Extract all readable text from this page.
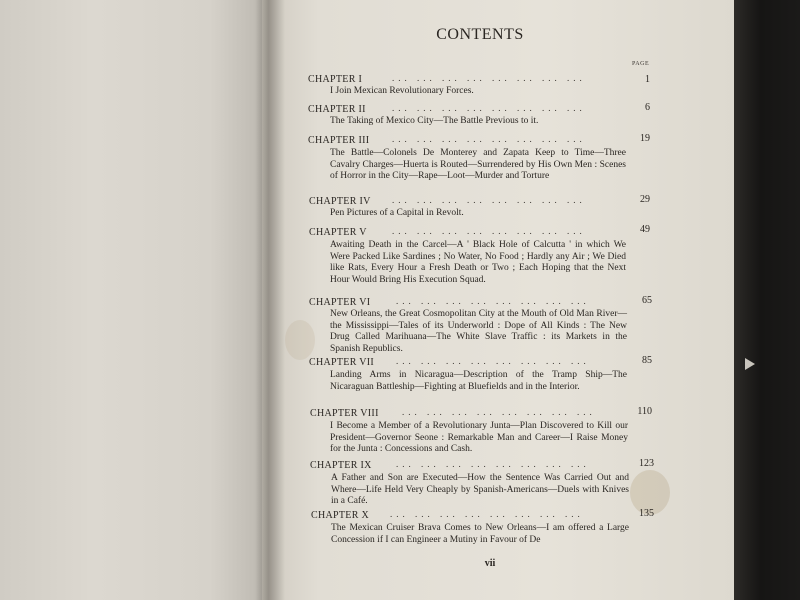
CONTENTS
PAGE
CHAPTER I	... ... ... ... ... ... ... ...	1
I Join Mexican Revolutionary Forces.
CHAPTER II	... ... ... ... ... ... ... ...	6
The Taking of Mexico City—The Battle Previous to it.
CHAPTER III	... ... ... ... ... ... ... ...	19
The Battle—Colonels De Monterey and Zapata Keep to Time—Three Cavalry Charges—Huerta is Routed—Surrendered by His Own Men : Scenes of Horror in the City—Rape—Loot—Murder and Torture
CHAPTER IV ... ... ... ... ... ... ... ...	29
Pen Pictures of a Capital in Revolt.
CHAPTER V	... ... ... ... ... ... ... ...	49
Awaiting Death in the Carcel—A ' Black Hole of Calcutta ' in which We Were Packed Like Sardines ; No Water, No Food ; Hardly any Air ; We Died like Rats, Every Hour a Fresh Death or Two ; Each Hoping that the Next Hour Would Bring His Execution Squad.
CHAPTER VI	... ... ... ... ... ... ... ...	65
New Orleans, the Great Cosmopolitan City at the Mouth of Old Man River—the Mississippi—Tales of its Underworld : Dope of All Kinds : The New Drug Called Marihuana—The White Slave Traffic : its Markets in the Spanish Republics.
CHAPTER VII ... ... ... ... ... ... ... ...	85
Landing Arms in Nicaragua—Description of the Tramp Ship—The Nicaraguan Battleship—Fighting at Bluefields and in the Interior.
CHAPTER VIII	... ... ... ... ... ... ... ...	110
I Become a Member of a Revolutionary Junta—Plan Discovered to Kill our President—Governor Seone : Remarkable Man and Career—I Raise Money for the Junta : Concessions and Cash.
CHAPTER IX	... ... ... ... ... ... ... ...	123
A Father and Son are Executed—How the Sentence Was Carried Out and Where—Life Held Very Cheaply by Spanish-Americans—Duels with Knives in a Café.
CHAPTER X ... ... ... ... ... ... ... ...	135
The Mexican Cruiser Brava Comes to New Orleans—I am offered a Large Concession if I can Engineer a Mutiny in Favour of De
vii
